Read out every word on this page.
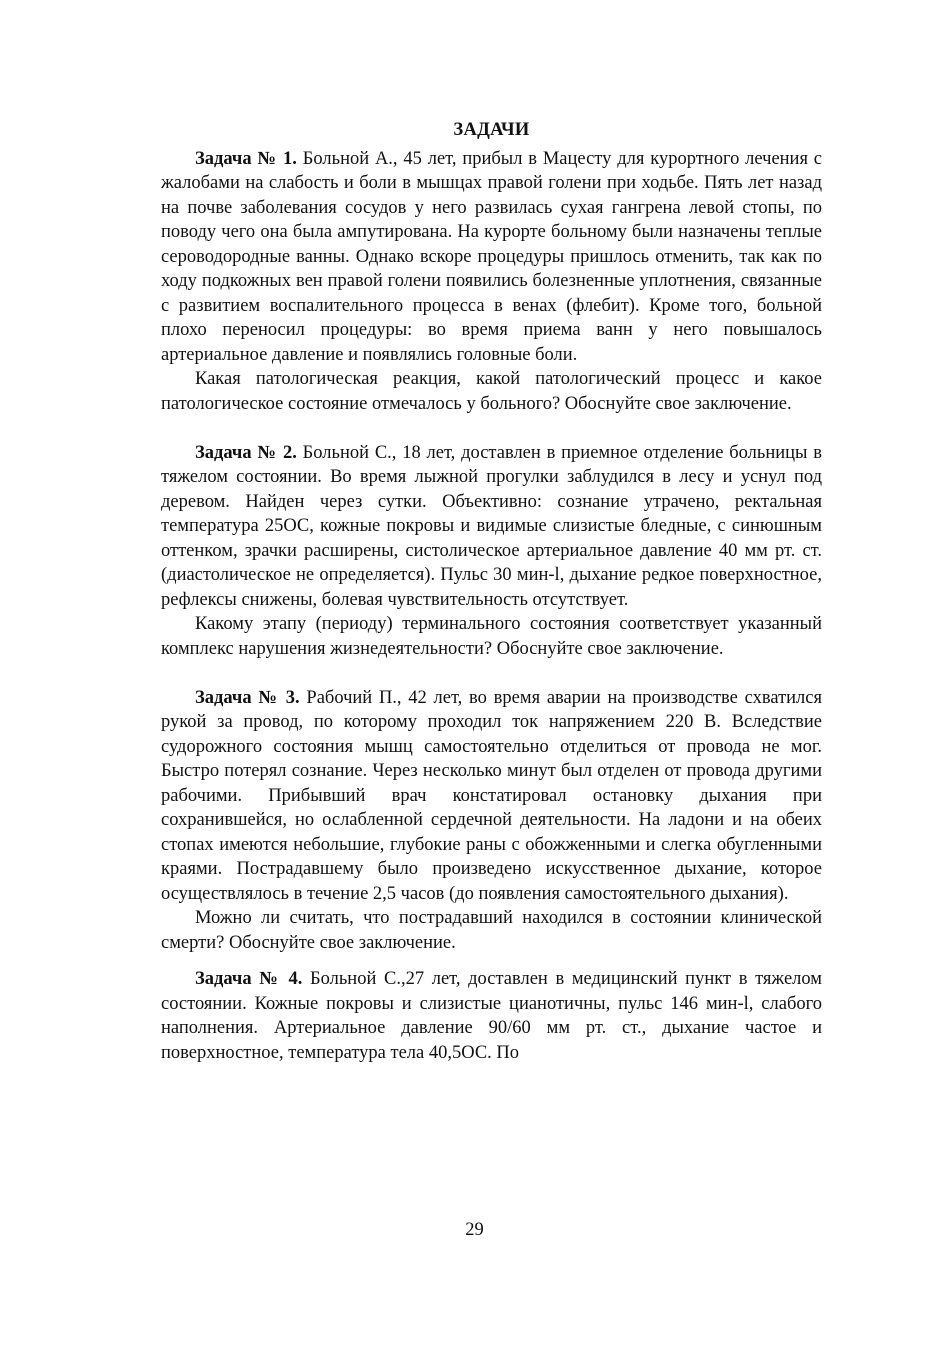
ЗАДАЧИ

Задача № 1. Больной А., 45 лет, прибыл в Мацесту для курортного лечения с жалобами на слабость и боли в мышцах правой голени при ходьбе. Пять лет назад на почве заболевания сосудов у него развилась сухая гангрена левой стопы, по поводу чего она была ампутирована. На курорте больному были назначены теплые сероводородные ванны. Однако вскоре процедуры пришлось отменить, так как по ходу подкожных вен правой голени появились болезненные уплотнения, связанные с развитием воспалительного процесса в венах (флебит). Кроме того, больной плохо переносил процедуры: во время приема ванн у него повышалось артериальное давление и появлялись головные боли.

Какая патологическая реакция, какой патологический процесс и какое патологическое состояние отмечалось у больного? Обоснуйте свое заключение.

Задача № 2. Больной С., 18 лет, доставлен в приемное отделение больницы в тяжелом состоянии. Во время лыжной прогулки заблудился в лесу и уснул под деревом. Найден через сутки. Объективно: сознание утрачено, ректальная температура 25ОС, кожные покровы и видимые слизистые бледные, с синюшным оттенком, зрачки расширены, систолическое артериальное давление 40 мм рт. ст. (диастолическое не определяется). Пульс 30 мин-l, дыхание редкое поверхностное, рефлексы снижены, болевая чувствительность отсутствует.

Какому этапу (периоду) терминального состояния соответствует указанный комплекс нарушения жизнедеятельности? Обоснуйте свое заключение.

Задача № 3. Рабочий П., 42 лет, во время аварии на производстве схватился рукой за провод, по которому проходил ток напряжением 220 В. Вследствие судорожного состояния мышц самостоятельно отделиться от провода не мог. Быстро потерял сознание. Через несколько минут был отделен от провода другими рабочими. Прибывший врач констатировал остановку дыхания при сохранившейся, но ослабленной сердечной деятельности. На ладони и на обеих стопах имеются небольшие, глубокие раны с обожженными и слегка обугленными краями. Пострадавшему было произведено искусственное дыхание, которое осуществлялось в течение 2,5 часов (до появления самостоятельного дыхания).

Можно ли считать, что пострадавший находился в состоянии клинической смерти? Обоснуйте свое заключение.

Задача № 4. Больной С.,27 лет, доставлен в медицинский пункт в тяжелом состоянии. Кожные покровы и слизистые цианотичны, пульс 146 мин-l, слабого наполнения. Артериальное давление 90/60 мм рт. ст., дыхание частое и поверхностное, температура тела 40,5ОС. По

29
